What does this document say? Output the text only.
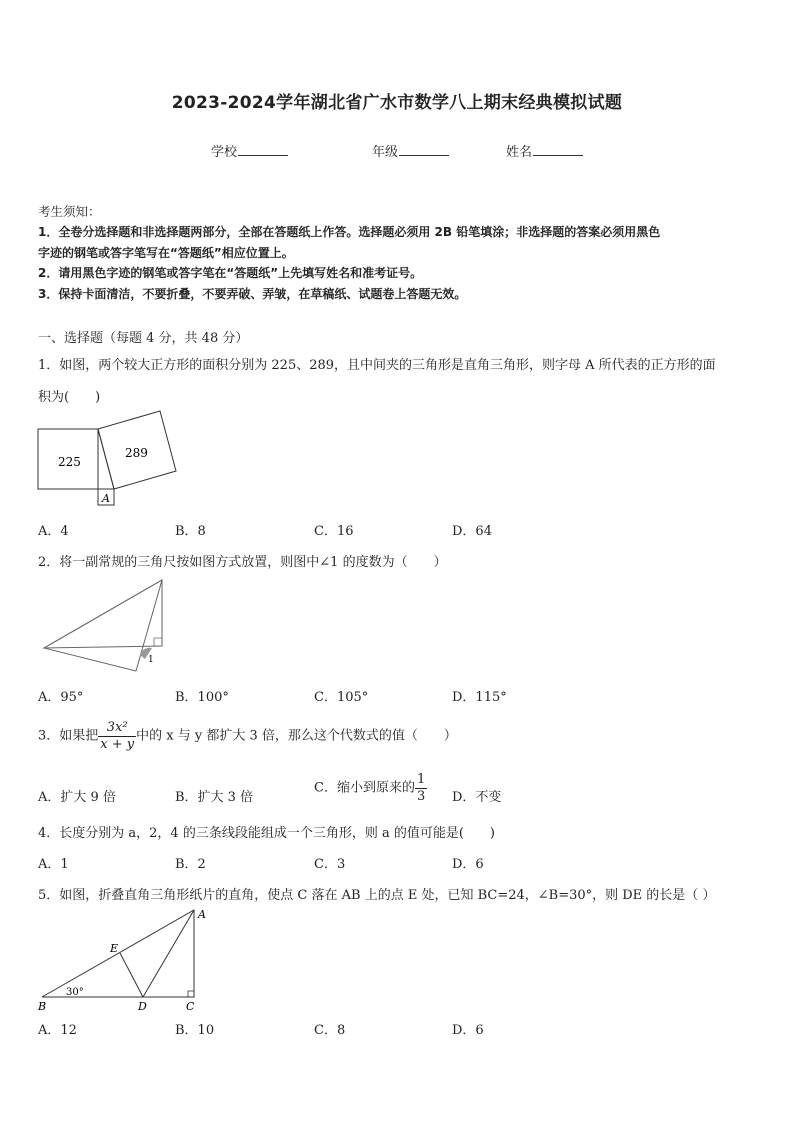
2023-2024学年湖北省广水市数学八上期末经典模拟试题
学校	年级	姓名
考生须知：
1．全卷分选择题和非选择题两部分，全部在答题纸上作答。选择题必须用 2B 铅笔填涂；非选择题的答案必须用黑色
字迹的钢笔或答字笔写在“答题纸”相应位置上。
2．请用黑色字迹的钢笔或答字笔在“答题纸”上先填写姓名和准考证号。
3．保持卡面清洁，不要折叠，不要弄破、弄皱，在草稿纸、试题卷上答题无效。
一、选择题（每题 4 分，共 48 分）
1．如图，两个较大正方形的面积分别为 225、289，且中间夹的三角形是直角三角形，则字母 A 所代表的正方形的面
积为(　　)
225
289
A
A．4	B．8	C．16	D．64
2．将一副常规的三角尺按如图方式放置，则图中∠1 的度数为（　　）
1
A．95°	B．100°	C．105°	D．115°
3．如果把 $\frac{\text{3x²}}{x + y}$ 中的 x 与 y 都扩大 3 倍，那么这个代数式的值（　　）
A．扩大 9 倍	B．扩大 3 倍
C．缩小到原来的 $\frac{1}{3}$ D．不变
4．长度分别为 a，2，4 的三条线段能组成一个三角形，则 a 的值可能是(　　)
A．1	B．2	C．3	D．6
5．如图，折叠直角三角形纸片的直角，使点 C 落在 AB 上的点 E 处，已知 BC=24，∠B=30°，则 DE 的长是（ ）
A
B	C
D
E
30°
A．12	B．10	C．8	D．6
